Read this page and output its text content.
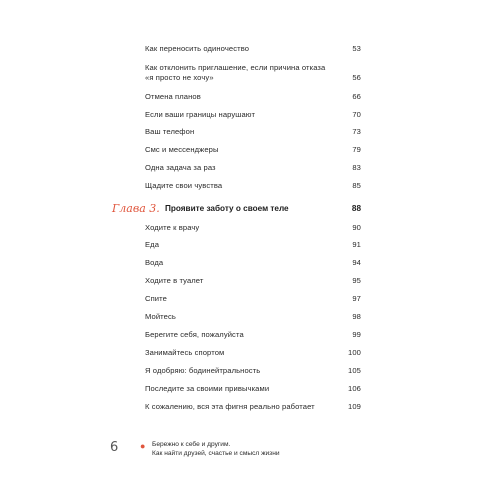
Как переносить одиночество	53
Как отклонить приглашение, если причина отказа «я просто не хочу»	56
Отмена планов	66
Если ваши границы нарушают	70
Ваш телефон	73
Смс и мессенджеры	79
Одна задача за раз	83
Щадите свои чувства	85
Глава 3. Проявите заботу о своем теле	88
Ходите к врачу	90
Еда	91
Вода	94
Ходите в туалет	95
Спите	97
Мойтесь	98
Берегите себя, пожалуйста	99
Занимайтесь спортом	100
Я одобряю: бодинейтральность	105
Последите за своими привычками	106
К сожалению, вся эта фигня реально работает	109
6 ● Бережно к себе и другим.
Как найти друзей, счастье и смысл жизни
